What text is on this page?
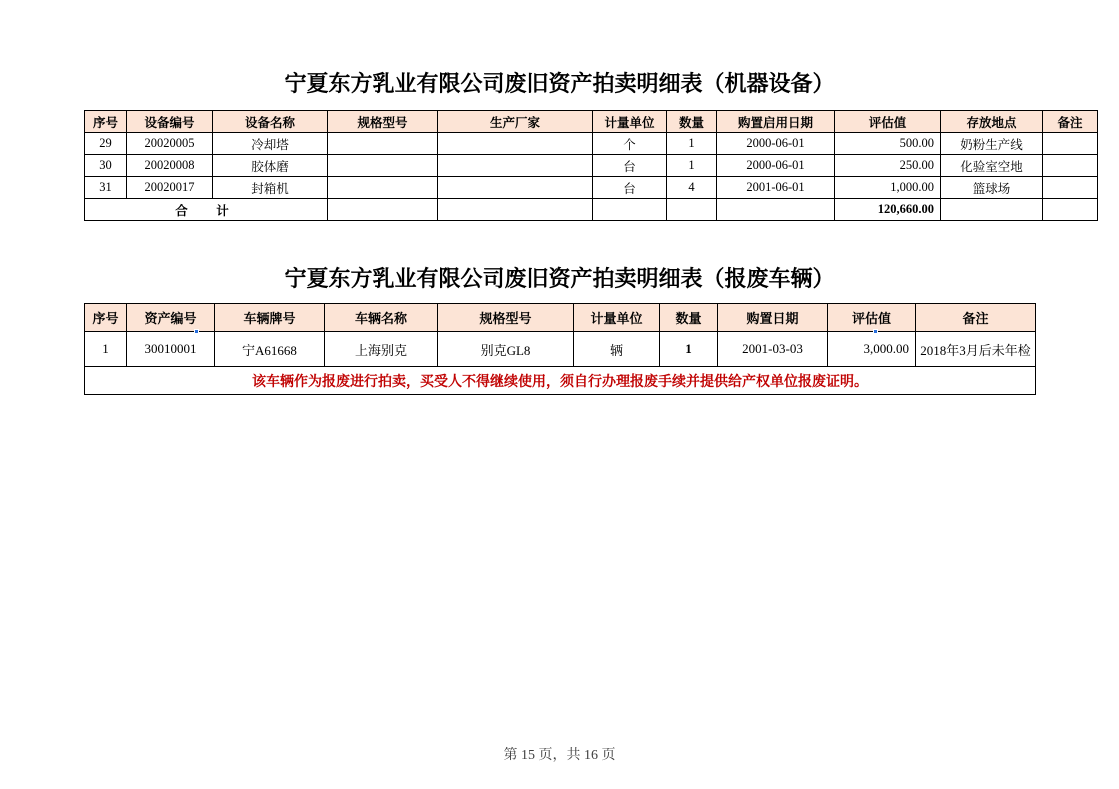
宁夏东方乳业有限公司废旧资产拍卖明细表（机器设备）
序号	设备编号	设备名称	规格型号	生产厂家	计量单位	数量	购置启用日期	评估值	存放地点	备注
29	20020005	冷却塔			个	1	2000-06-01	500.00	奶粉生产线	
30	20020008	胶体磨			台	1	2000-06-01	250.00	化验室空地	
31	20020017	封箱机			台	4	2001-06-01	1,000.00	篮球场	
合　计								120,660.00		
宁夏东方乳业有限公司废旧资产拍卖明细表（报废车辆）
序号	资产编号	车辆牌号	车辆名称	规格型号	计量单位	数量	购置日期	评估值	备注
1	30010001	宁A61668	上海别克	别克GL8	辆	1	2001-03-03	3,000.00	2018年3月后未年检
该车辆作为报废进行拍卖，买受人不得继续使用，须自行办理报废手续并提供给产权单位报废证明。									
第 15 页，共 16 页
